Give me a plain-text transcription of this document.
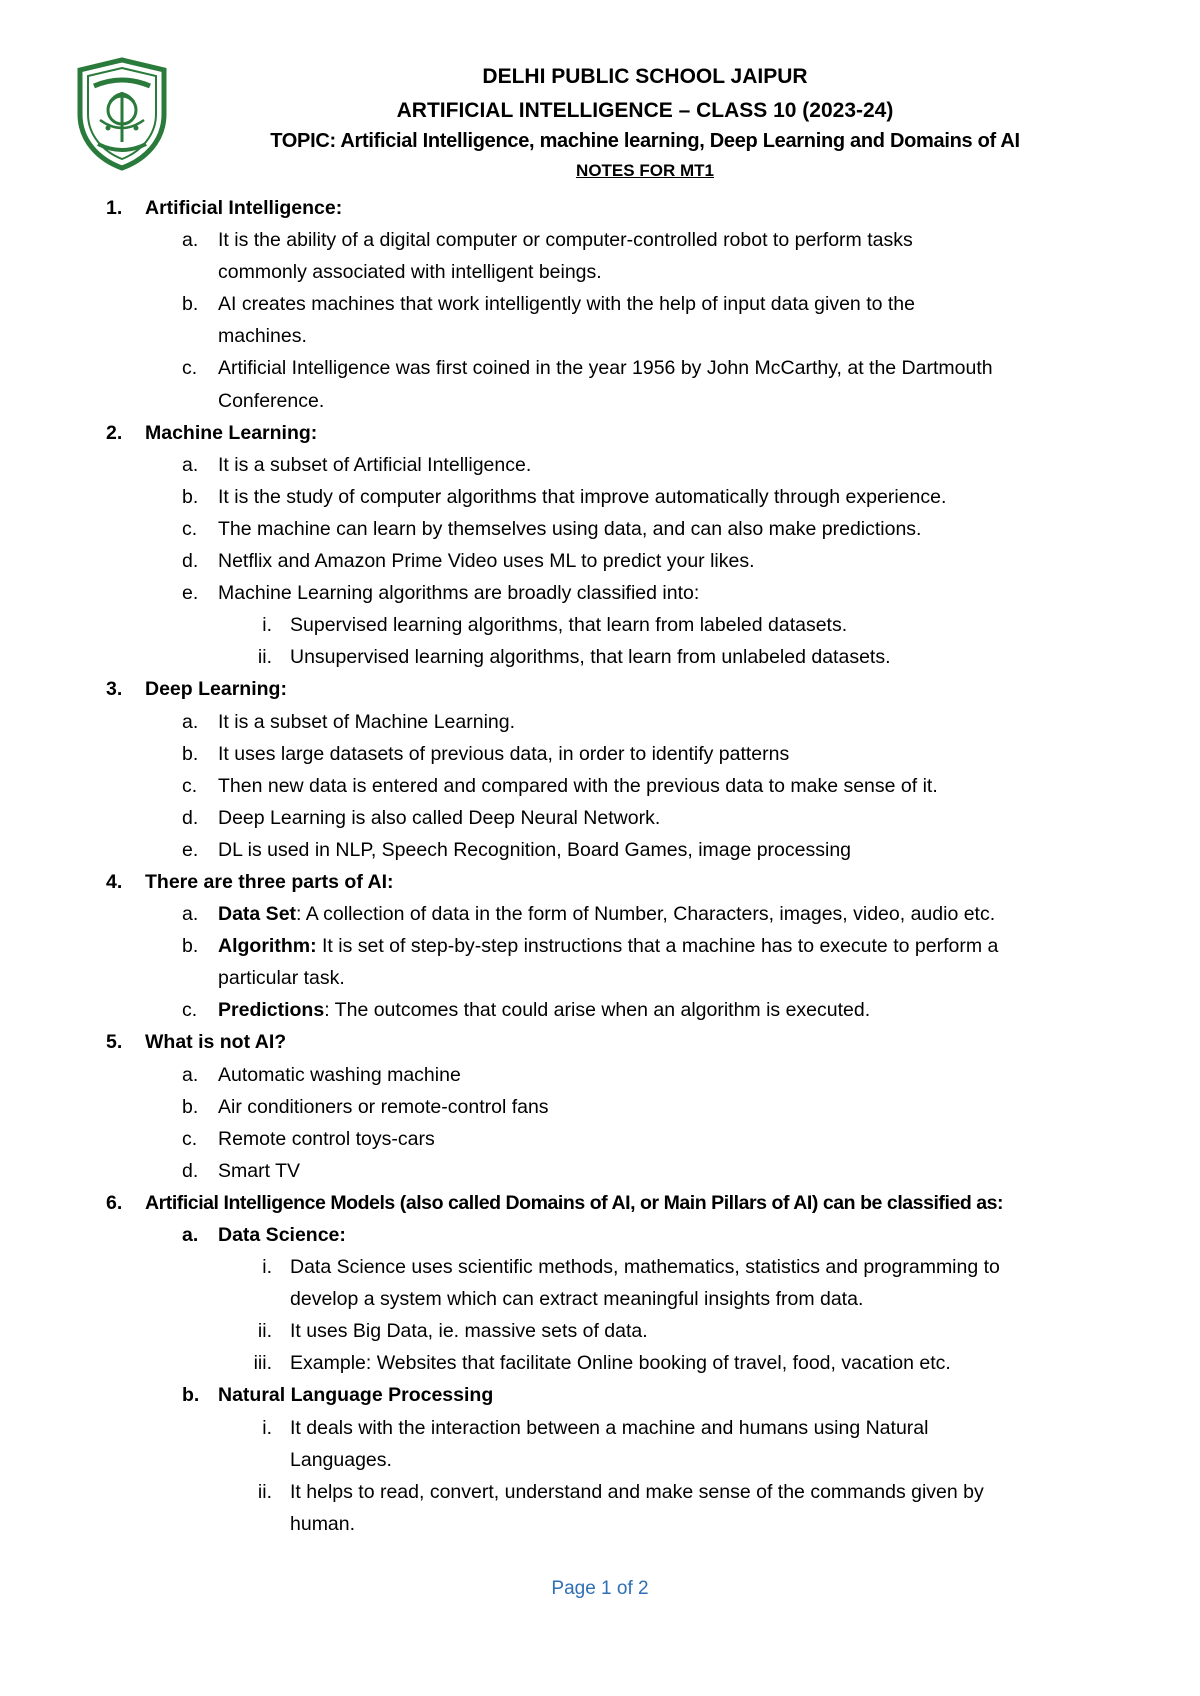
DELHI PUBLIC SCHOOL JAIPUR
ARTIFICIAL INTELLIGENCE – CLASS 10 (2023-24)
TOPIC: Artificial Intelligence, machine learning, Deep Learning and Domains of AI
NOTES FOR MT1
1. Artificial Intelligence:
a. It is the ability of a digital computer or computer-controlled robot to perform tasks
commonly associated with intelligent beings.
b. AI creates machines that work intelligently with the help of input data given to the
machines.
c. Artificial Intelligence was first coined in the year 1956 by John McCarthy, at the Dartmouth
Conference.
2. Machine Learning:
a. It is a subset of Artificial Intelligence.
b. It is the study of computer algorithms that improve automatically through experience.
c. The machine can learn by themselves using data, and can also make predictions.
d. Netflix and Amazon Prime Video uses ML to predict your likes.
e. Machine Learning algorithms are broadly classified into:
i. Supervised learning algorithms, that learn from labeled datasets.
ii. Unsupervised learning algorithms, that learn from unlabeled datasets.
3. Deep Learning:
a. It is a subset of Machine Learning.
b. It uses large datasets of previous data, in order to identify patterns
c. Then new data is entered and compared with the previous data to make sense of it.
d. Deep Learning is also called Deep Neural Network.
e. DL is used in NLP, Speech Recognition, Board Games, image processing
4. There are three parts of AI:
a. Data Set: A collection of data in the form of Number, Characters, images, video, audio etc.
b. Algorithm: It is set of step-by-step instructions that a machine has to execute to perform a
particular task.
c. Predictions: The outcomes that could arise when an algorithm is executed.
5. What is not AI?
a. Automatic washing machine
b. Air conditioners or remote-control fans
c. Remote control toys-cars
d. Smart TV
6. Artificial Intelligence Models (also called Domains of AI, or Main Pillars of AI) can be classified as:
a. Data Science:
i. Data Science uses scientific methods, mathematics, statistics and programming to
develop a system which can extract meaningful insights from data.
ii. It uses Big Data, ie. massive sets of data.
iii. Example: Websites that facilitate Online booking of travel, food, vacation etc.
b. Natural Language Processing
i. It deals with the interaction between a machine and humans using Natural
Languages.
ii. It helps to read, convert, understand and make sense of the commands given by
human.
Page 1 of 2
